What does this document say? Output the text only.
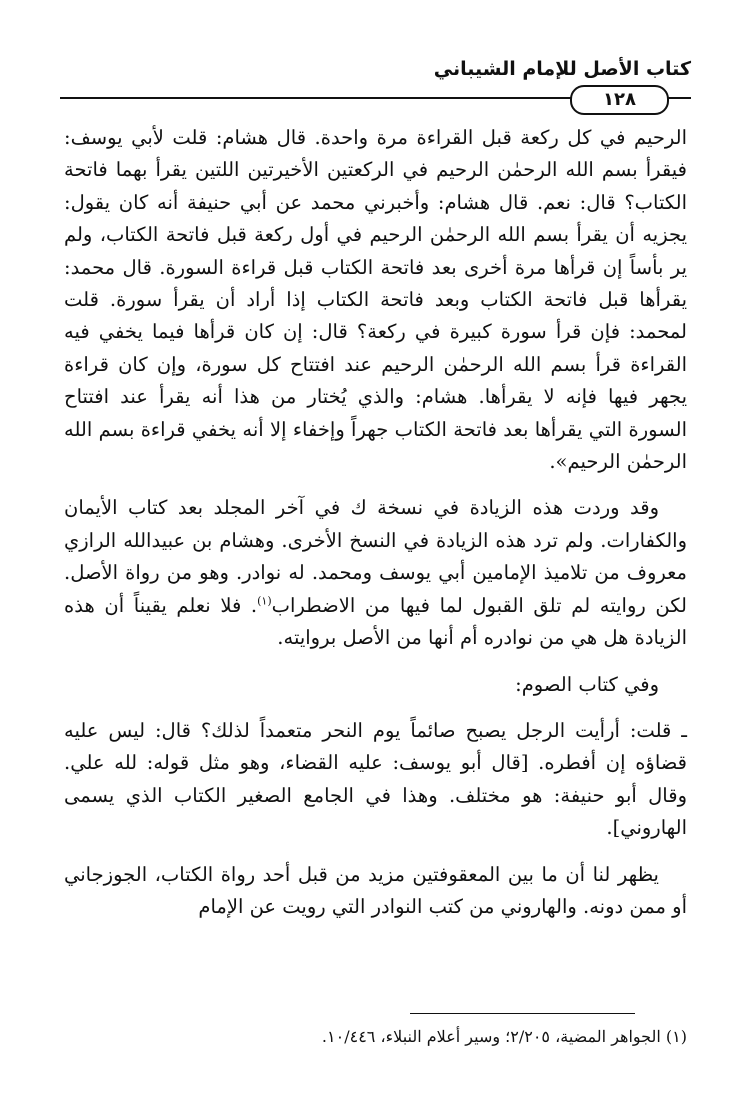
كتاب الأصل للإمام الشيباني
١٢٨

الرحيم في كل ركعة قبل القراءة مرة واحدة. قال هشام: قلت لأبي يوسف: فيقرأ بسم الله الرحمٰن الرحيم في الركعتين الأخيرتين اللتين يقرأ بهما فاتحة الكتاب؟ قال: نعم. قال هشام: وأخبرني محمد عن أبي حنيفة أنه كان يقول: يجزيه أن يقرأ بسم الله الرحمٰن الرحيم في أول ركعة قبل فاتحة الكتاب، ولم ير بأساً إن قرأها مرة أخرى بعد فاتحة الكتاب قبل قراءة السورة. قال محمد: يقرأها قبل فاتحة الكتاب وبعد فاتحة الكتاب إذا أراد أن يقرأ سورة. قلت لمحمد: فإن قرأ سورة كبيرة في ركعة؟ قال: إن كان قرأها فيما يخفي فيه القراءة قرأ بسم الله الرحمٰن الرحيم عند افتتاح كل سورة، وإن كان قراءة يجهر فيها فإنه لا يقرأها. هشام: والذي يُختار من هذا أنه يقرأ عند افتتاح السورة التي يقرأها بعد فاتحة الكتاب جهراً وإخفاء إلا أنه يخفي قراءة بسم الله الرحمٰن الرحيم».

وقد وردت هذه الزيادة في نسخة ك في آخر المجلد بعد كتاب الأيمان والكفارات. ولم ترد هذه الزيادة في النسخ الأخرى. وهشام بن عبيدالله الرازي معروف من تلاميذ الإمامين أبي يوسف ومحمد. له نوادر. وهو من رواة الأصل. لكن روايته لم تلق القبول لما فيها من الاضطراب$^{(١)}$. فلا نعلم يقيناً أن هذه الزيادة هل هي من نوادره أم أنها من الأصل بروايته.

وفي كتاب الصوم:

ـ قلت: أرأيت الرجل يصبح صائماً يوم النحر متعمداً لذلك؟ قال: ليس عليه قضاؤه إن أفطره. [قال أبو يوسف: عليه القضاء، وهو مثل قوله: لله علي. وقال أبو حنيفة: هو مختلف. وهذا في الجامع الصغير الكتاب الذي يسمى الهاروني].

يظهر لنا أن ما بين المعقوفتين مزيد من قبل أحد رواة الكتاب، الجوزجاني أو ممن دونه. والهاروني من كتب النوادر التي رويت عن الإمام

(١) الجواهر المضية، ٢/٢٠٥؛ وسير أعلام النبلاء، ١٠/٤٤٦.
